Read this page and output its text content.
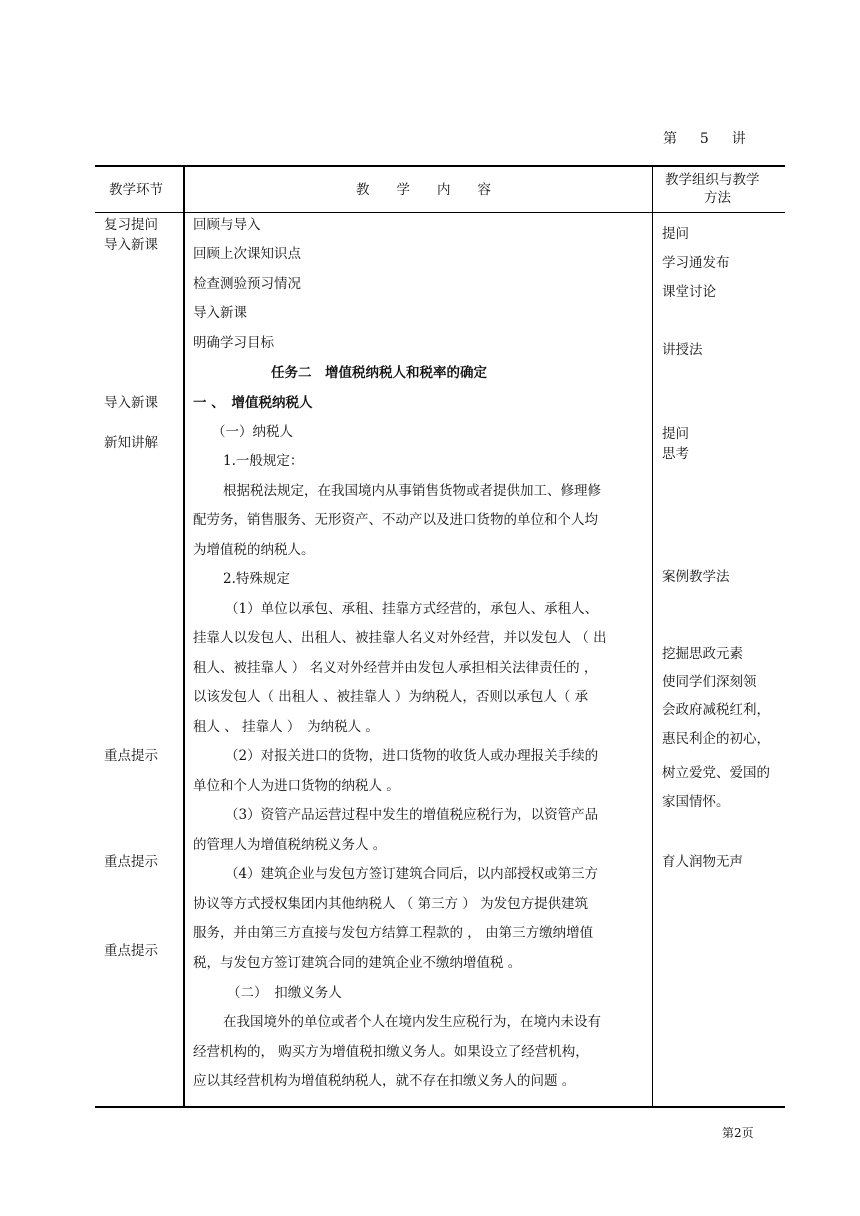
第 5 讲
教学环节	教　　学　　内　　容
教学组织与教学
方法
复习提问
导入新课
导入新课
新知讲解
重点提示
重点提示
重点提示
回顾与导入
回顾上次课知识点
检查测验预习情况
导入新课
明确学习目标
任务二　增值税纳税人和税率的确定
一 、　增值税纳税人
（一）纳税人
1.一般规定：
根据税法规定，在我国境内从事销售货物或者提供加工、修理修
配劳务，销售服务、无形资产、不动产以及进口货物的单位和个人均
为增值税的纳税人。
2.特殊规定
（1）单位以承包、承租、挂靠方式经营的，承包人、承租人、
挂靠人以发包人、出租人、被挂靠人名义对外经营，并以发包人 （ 出
租人、被挂靠人 ） 名义对外经营并由发包人承担相关法律责任的 ，
以该发包人（ 出租人 、被挂靠人 ）为纳税人，否则以承包人（ 承
租人 、 挂靠人 ）　为纳税人 。
（2）对报关进口的货物，进口货物的收货人或办理报关手续的
单位和个人为进口货物的纳税人 。
（3）资管产品运营过程中发生的增值税应税行为，以资管产品
的管理人为增值税纳税义务人 。
（4）建筑企业与发包方签订建筑合同后，以内部授权或第三方
协议等方式授权集团内其他纳税人 （ 第三方 ） 为发包方提供建筑
服务，并由第三方直接与发包方结算工程款的 ， 由第三方缴纳增值
税，与发包方签订建筑合同的建筑企业不缴纳增值税 。
（二）　扣缴义务人
在我国境外的单位或者个人在境内发生应税行为，在境内未设有
经营机构的， 购买方为增值税扣缴义务人。如果设立了经营机构，
应以其经营机构为增值税纳税人，就不存在扣缴义务人的问题 。
提问
学习通发布
课堂讨论
讲授法
提问
思考
案例教学法
挖掘思政元素
使同学们深刻领
会政府减税红利，
惠民利企的初心，
树立爱党、爱国的
家国情怀。
育人润物无声
第2页
